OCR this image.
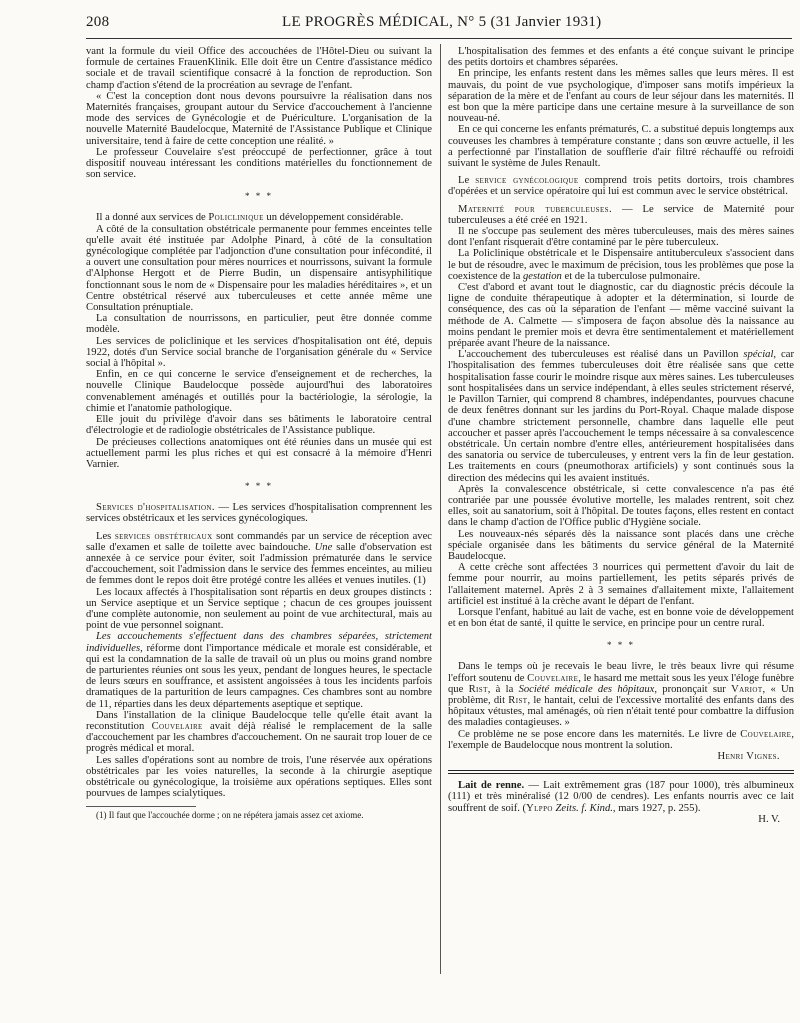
208	LE PROGRÈS MÉDICAL, N° 5 (31 Janvier 1931)

vant la formule du vieil Office des accouchées de l'Hôtel-Dieu ou suivant la formule de certaines FrauenKlinik. Elle doit être un Centre d'assistance médico sociale et de travail scientifique consacré à la fonction de reproduction. Son champ d'action s'étend de la procréation au sevrage de l'enfant.

« C'est la conception dont nous devons poursuivre la réalisation dans nos Maternités françaises, groupant autour du Service d'accouchement à l'ancienne mode des services de Gynécologie et de Puériculture. L'organisation de la nouvelle Maternité Baudelocque, Maternité de l'Assistance Publique et Clinique universitaire, tend à faire de cette conception une réalité. »

Le professeur Couvelaire s'est préoccupé de perfectionner, grâce à tout dispositif nouveau intéressant les conditions matérielles du fonctionnement de son service.

* * *

Il a donné aux services de Policlinique un développement considérable.

A côté de la consultation obstétricale permanente pour femmes enceintes telle qu'elle avait été instituée par Adolphe Pinard, à côté de la consultation gynécologique complétée par l'adjonction d'une consultation pour infécondité, il a ouvert une consultation pour mères nourrices et nourrissons, suivant la formule d'Alphonse Hergott et de Pierre Budin, un dispensaire antisyphilitique fonctionnant sous le nom de « Dispensaire pour les maladies héréditaires », et un Centre obstétrical réservé aux tuberculeuses et cette année même une Consultation prénuptiale.

La consultation de nourrissons, en particulier, peut être donnée comme modèle.

Les services de policlinique et les services d'hospitalisation ont été, depuis 1922, dotés d'un Service social branche de l'organisation générale du « Service social à l'hôpital ».

Enfin, en ce qui concerne le service d'enseignement et de recherches, la nouvelle Clinique Baudelocque possède aujourd'hui des laboratoires convenablement aménagés et outillés pour la bactériologie, la sérologie, la chimie et l'anatomie pathologique.

Elle jouit du privilège d'avoir dans ses bâtiments le laboratoire central d'électrologie et de radiologie obstétricales de l'Assistance publique.

De précieuses collections anatomiques ont été réunies dans un musée qui est actuellement parmi les plus riches et qui est consacré à la mémoire d'Henri Varnier.

* * *

Services d'hospitalisation. — Les services d'hospitalisation comprennent les services obstétricaux et les services gynécologiques.

Les services obstétricaux sont commandés par un service de réception avec salle d'examen et salle de toilette avec baindouche. Une salle d'observation est annexée à ce service pour éviter, soit l'admission prématurée dans le service d'accouchement, soit l'admission dans le service des femmes enceintes, au milieu de femmes dont le repos doit être protégé contre les allées et venues inutiles. (1)

Les locaux affectés à l'hospitalisation sont répartis en deux groupes distincts : un Service aseptique et un Service septique ; chacun de ces groupes jouissent d'une complète autonomie, non seulement au point de vue architectural, mais au point de vue personnel soignant.

Les accouchements s'effectuent dans des chambres séparées, strictement individuelles, réforme dont l'importance médicale et morale est considérable, et qui est la condamnation de la salle de travail où un plus ou moins grand nombre de parturientes réunies ont sous les yeux, pendant de longues heures, le spectacle de leurs sœurs en souffrance, et assistent angoissées à tous les incidents parfois dramatiques de la parturition de leurs campagnes. Ces chambres sont au nombre de 11, réparties dans les deux départements aseptique et septique.

Dans l'installation de la clinique Baudelocque telle qu'elle était avant la reconstitution Couvelaire avait déjà réalisé le remplacement de la salle d'accouchement par les chambres d'accouchement. On ne saurait trop louer de ce progrès médical et moral.

Les salles d'opérations sont au nombre de trois, l'une réservée aux opérations obstétricales par les voies naturelles, la seconde à la chirurgie aseptique obstétricale ou gynécologique, la troisième aux opérations septiques. Elles sont pourvues de lampes scialytiques.

(1) Il faut que l'accouchée dorme ; on ne répétera jamais assez cet axiome.

L'hospitalisation des femmes et des enfants a été conçue suivant le principe des petits dortoirs et chambres séparées.

En principe, les enfants restent dans les mêmes salles que leurs mères. Il est mauvais, du point de vue psychologique, d'imposer sans motifs impérieux la séparation de la mère et de l'enfant au cours de leur séjour dans les maternités. Il est bon que la mère participe dans une certaine mesure à la surveillance de son nouveau-né.

En ce qui concerne les enfants prématurés, C. a substitué depuis longtemps aux couveuses les chambres à température constante ; dans son œuvre actuelle, il les a perfectionné par l'installation de soufflerie d'air filtré réchauffé ou refroidi suivant le système de Jules Renault.

Le service gynécologique comprend trois petits dortoirs, trois chambres d'opérées et un service opératoire qui lui est commun avec le service obstétrical.

Maternité pour tuberculeuses. — Le service de Maternité pour tuberculeuses a été créé en 1921.

Il ne s'occupe pas seulement des mères tuberculeuses, mais des mères saines dont l'enfant risquerait d'être contaminé par le père tuberculeux.

La Policlinique obstétricale et le Dispensaire antituberculeux s'associent dans le but de résoudre, avec le maximum de précision, tous les problèmes que pose la coexistence de la gestation et de la tuberculose pulmonaire.

C'est d'abord et avant tout le diagnostic, car du diagnostic précis découle la ligne de conduite thérapeutique à adopter et la détermination, si lourde de conséquence, des cas où la séparation de l'enfant — même vacciné suivant la méthode de A. Calmette — s'imposera de façon absolue dès la naissance au moins pendant le premier mois et devra être sentimentalement et matériellement préparée avant l'heure de la naissance.

L'accouchement des tuberculeuses est réalisé dans un Pavillon spécial, car l'hospitalisation des femmes tuberculeuses doit être réalisée sans que cette hospitalisation fasse courir le moindre risque aux mères saines. Les tuberculeuses sont hospitalisées dans un service indépendant, à elles seules strictement réservé, le Pavillon Tarnier, qui comprend 8 chambres, indépendantes, pourvues chacune de deux fenêtres donnant sur les jardins du Port-Royal. Chaque malade dispose d'une chambre strictement personnelle, chambre dans laquelle elle peut accoucher et passer après l'accouchement le temps nécessaire à sa convalescence obstétricale. Un certain nombre d'entre elles, antérieurement hospitalisées dans des sanatoria ou service de tuberculeuses, y entrent vers la fin de leur gestation. Les traitements en cours (pneumothorax artificiels) y sont continués sous la direction des médecins qui les avaient institués.

Après la convalescence obstétricale, si cette convalescence n'a pas été contrariée par une poussée évolutive mortelle, les malades rentrent, soit chez elles, soit au sanatorium, soit à l'hôpital. De toutes façons, elles restent en contact dans le champ d'action de l'Office public d'Hygiène sociale.

Les nouveaux-nés séparés dès la naissance sont placés dans une crèche spéciale organisée dans les bâtiments du service général de la Maternité Baudelocque.

A cette crèche sont affectées 3 nourrices qui permettent d'avoir du lait de femme pour nourrir, au moins partiellement, les petits séparés privés de l'allaitement maternel. Après 2 à 3 semaines d'allaitement mixte, l'allaitement artificiel est institué à la crèche avant le départ de l'enfant.

Lorsque l'enfant, habitué au lait de vache, est en bonne voie de développement et en bon état de santé, il quitte le service, en principe pour un centre rural.

* * *

Dans le temps où je recevais le beau livre, le très beaux livre qui résume l'effort soutenu de Couvelaire, le hasard me mettait sous les yeux l'éloge funèbre que Rist, à la Société médicale des hôpitaux, prononçait sur Variot, « Un problème, dit Rist, le hantait, celui de l'excessive mortalité des enfants dans des hôpitaux vétustes, mal aménagés, où rien n'était tenté pour combattre la diffusion des maladies contagieuses. »

Ce problème ne se pose encore dans les maternités. Le livre de Couvelaire, l'exemple de Baudelocque nous montrent la solution.

Henri Vignes.

Lait de renne. — Lait extrêmement gras (187 pour 1000), très albumineux (111) et très minéralisé (12 0/00 de cendres). Les enfants nourris avec ce lait souffrent de soif. (Ylppo Zeits. f. Kind., mars 1927, p. 255).

H. V.
